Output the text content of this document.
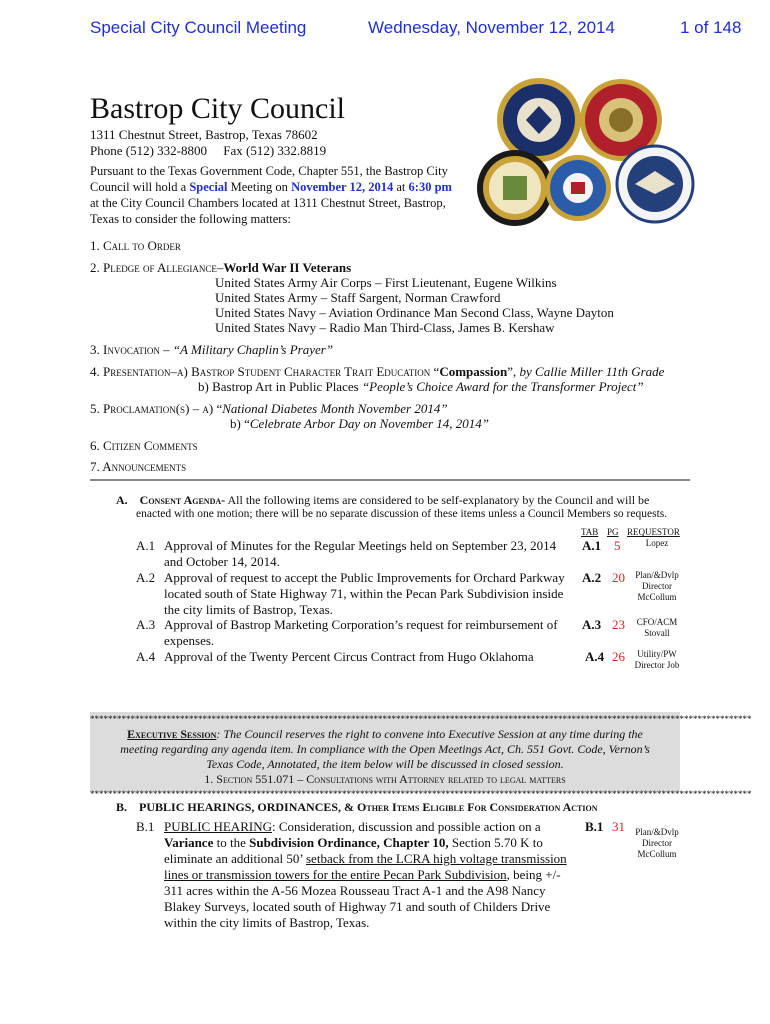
Special City Council Meeting	Wednesday, November 12, 2014	1 of 148
Bastrop City Council
1311 Chestnut Street, Bastrop, Texas 78602
Phone (512) 332-8800 Fax (512) 332.8819
Pursuant to the Texas Government Code, Chapter 551, the Bastrop City Council will hold a Special Meeting on November 12, 2014 at 6:30 pm at the City Council Chambers located at 1311 Chestnut Street, Bastrop, Texas to consider the following matters:
1. Call to Order
2. Pledge of Allegiance–World War II Veterans
United States Army Air Corps – First Lieutenant, Eugene Wilkins
United States Army – Staff Sargent, Norman Crawford
United States Navy – Aviation Ordinance Man Second Class, Wayne Dayton
United States Navy – Radio Man Third-Class, James B. Kershaw
3. Invocation – “A Military Chaplin’s Prayer”
4. Presentation–a) Bastrop Student Character Trait Education “Compassion”, by Callie Miller 11th Grade
b) Bastrop Art in Public Places “People’s Choice Award for the Transformer Project”
5. Proclamation(s) – a) “National Diabetes Month November 2014”
b) “Celebrate Arbor Day on November 14, 2014”
6. Citizen Comments
7. Announcements
A. Consent Agenda- All the following items are considered to be self-explanatory by the Council and will be
enacted with one motion; there will be no separate discussion of these items unless a Council Members so requests.
TAB PG REQUESTOR
A.1 Approval of Minutes for the Regular Meetings held on September 23, 2014
and October 14, 2014.
A.1 5	Lopez
A.2 Approval of request to accept the Public Improvements for Orchard Parkway
located south of State Highway 71, within the Pecan Park Subdivision inside
the city limits of Bastrop, Texas.
A.2 20	Plan/&Dvlp
Director
McCollum
A.3 Approval of Bastrop Marketing Corporation’s request for reimbursement of
expenses.
A.3 23	CFO/ACM
Stovall
A.4 Approval of the Twenty Percent Circus Contract from Hugo Oklahoma	A.4 26	Utility/PW
Director Job
***************************************************************************************************************************************************
Executive Session: The Council reserves the right to convene into Executive Session at any time during the
meeting regarding any agenda item. In compliance with the Open Meetings Act, Ch. 551 Govt. Code, Vernon’s
Texas Code, Annotated, the item below will be discussed in closed session.
1. Section 551.071 – Consultations with Attorney related to legal matters
***************************************************************************************************************************************************
B. PUBLIC HEARINGS, ORDINANCES, & Other Items Eligible For Consideration Action
B.1 PUBLIC HEARING: Consideration, discussion and possible action on a
Variance to the Subdivision Ordinance, Chapter 10, Section 5.70 K to
eliminate an additional 50’ setback from the LCRA high voltage transmission
lines or transmission towers for the entire Pecan Park Subdivision, being +/-
311 acres within the A-56 Mozea Rousseau Tract A-1 and the A98 Nancy
Blakey Surveys, located south of Highway 71 and south of Childers Drive
within the city limits of Bastrop, Texas.
B.1 31	Plan/&Dvlp
Director
McCollum
